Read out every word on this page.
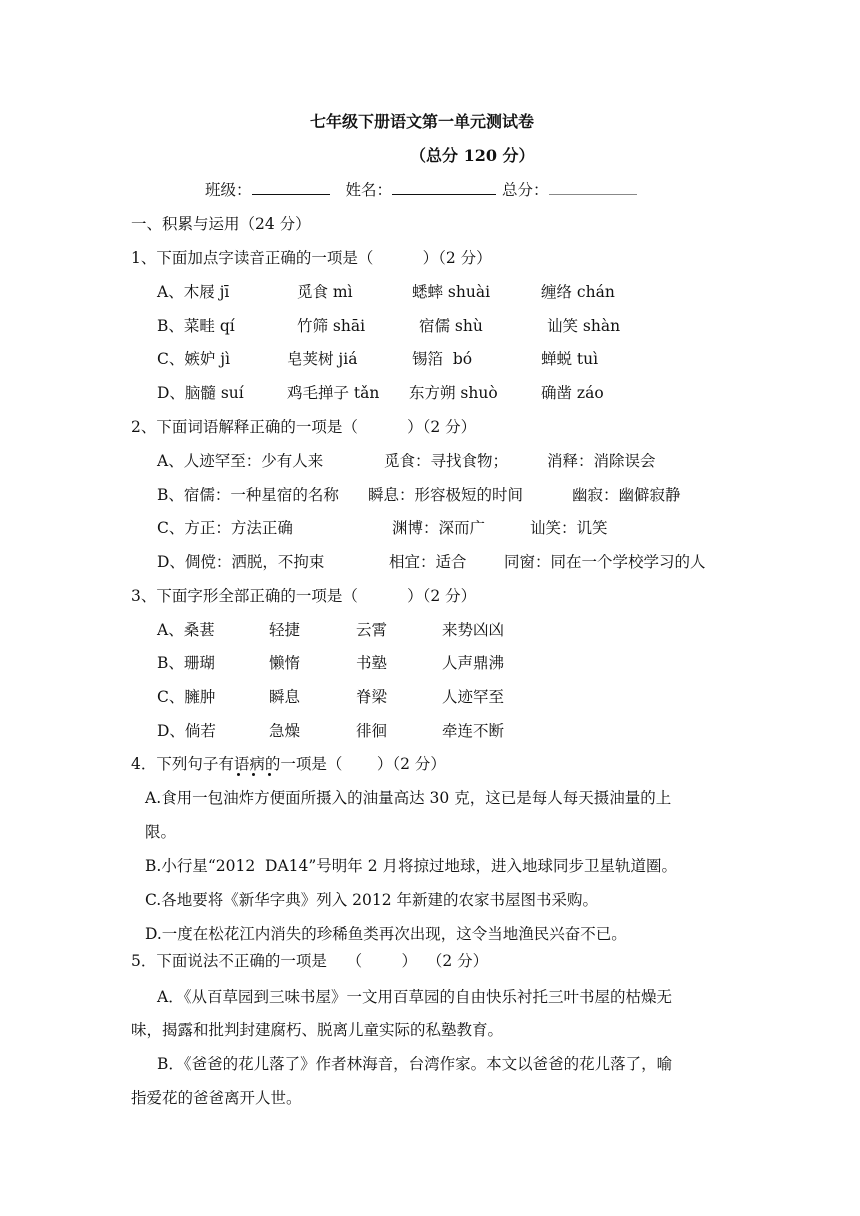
七年级下册语文第一单元测试卷
（总分 120 分）
班级：	姓名：	总分：
一、积累与运用（24 分）
1、下面加点字读音正确的一项是（          ）（2 分）
A、木屐 jī	觅食 mì	蟋蟀 shuài	缠络 chán
B、菜畦 qí	竹筛 shāi	宿儒 shù	讪笑 shàn
C、嫉妒 jì	皂荚树 jiá	锡箔  bó	蝉蜕 tuì
D、脑髓 suí	鸡毛掸子 tǎn 东方朔 shuò	确凿 záo
2、下面词语解释正确的一项是（          ）（2 分）
A、人迹罕至：少有人来	觅食：寻找食物；	消释：消除误会
B、宿儒：一种星宿的名称 瞬息：形容极短的时间	幽寂：幽僻寂静
C、方正：方法正确	渊博：深而广	讪笑：讥笑
D、倜傥：洒脱，不拘束	相宜：适合 同窗：同在一个学校学习的人
3、下面字形全部正确的一项是（          ）（2 分）
A、桑葚	轻捷	云霄	来势凶凶
B、珊瑚	懒惰	书塾	人声鼎沸
C、臃肿	瞬息	脊梁	人迹罕至
D、倘若	急燥	徘徊	牵连不断
4．下列句子有语病的一项是（       ）（2 分）
A.食用一包油炸方便面所摄入的油量高达 30 克，这已是每人每天摄油量的上
限。
B.小行星“2012  DA14”号明年 2 月将掠过地球，进入地球同步卫星轨道圈。
C.各地要将《新华字典》列入 2012 年新建的农家书屋图书采购。
D.一度在松花江内消失的珍稀鱼类再次出现，这令当地渔民兴奋不已。
5．下面说法不正确的一项是    （        ）  （2 分）
A．《从百草园到三味书屋》一文用百草园的自由快乐衬托三叶书屋的枯燥无
味，揭露和批判封建腐朽、脱离儿童实际的私塾教育。
B．《爸爸的花儿落了》作者林海音，台湾作家。本文以爸爸的花儿落了，喻
指爱花的爸爸离开人世。
